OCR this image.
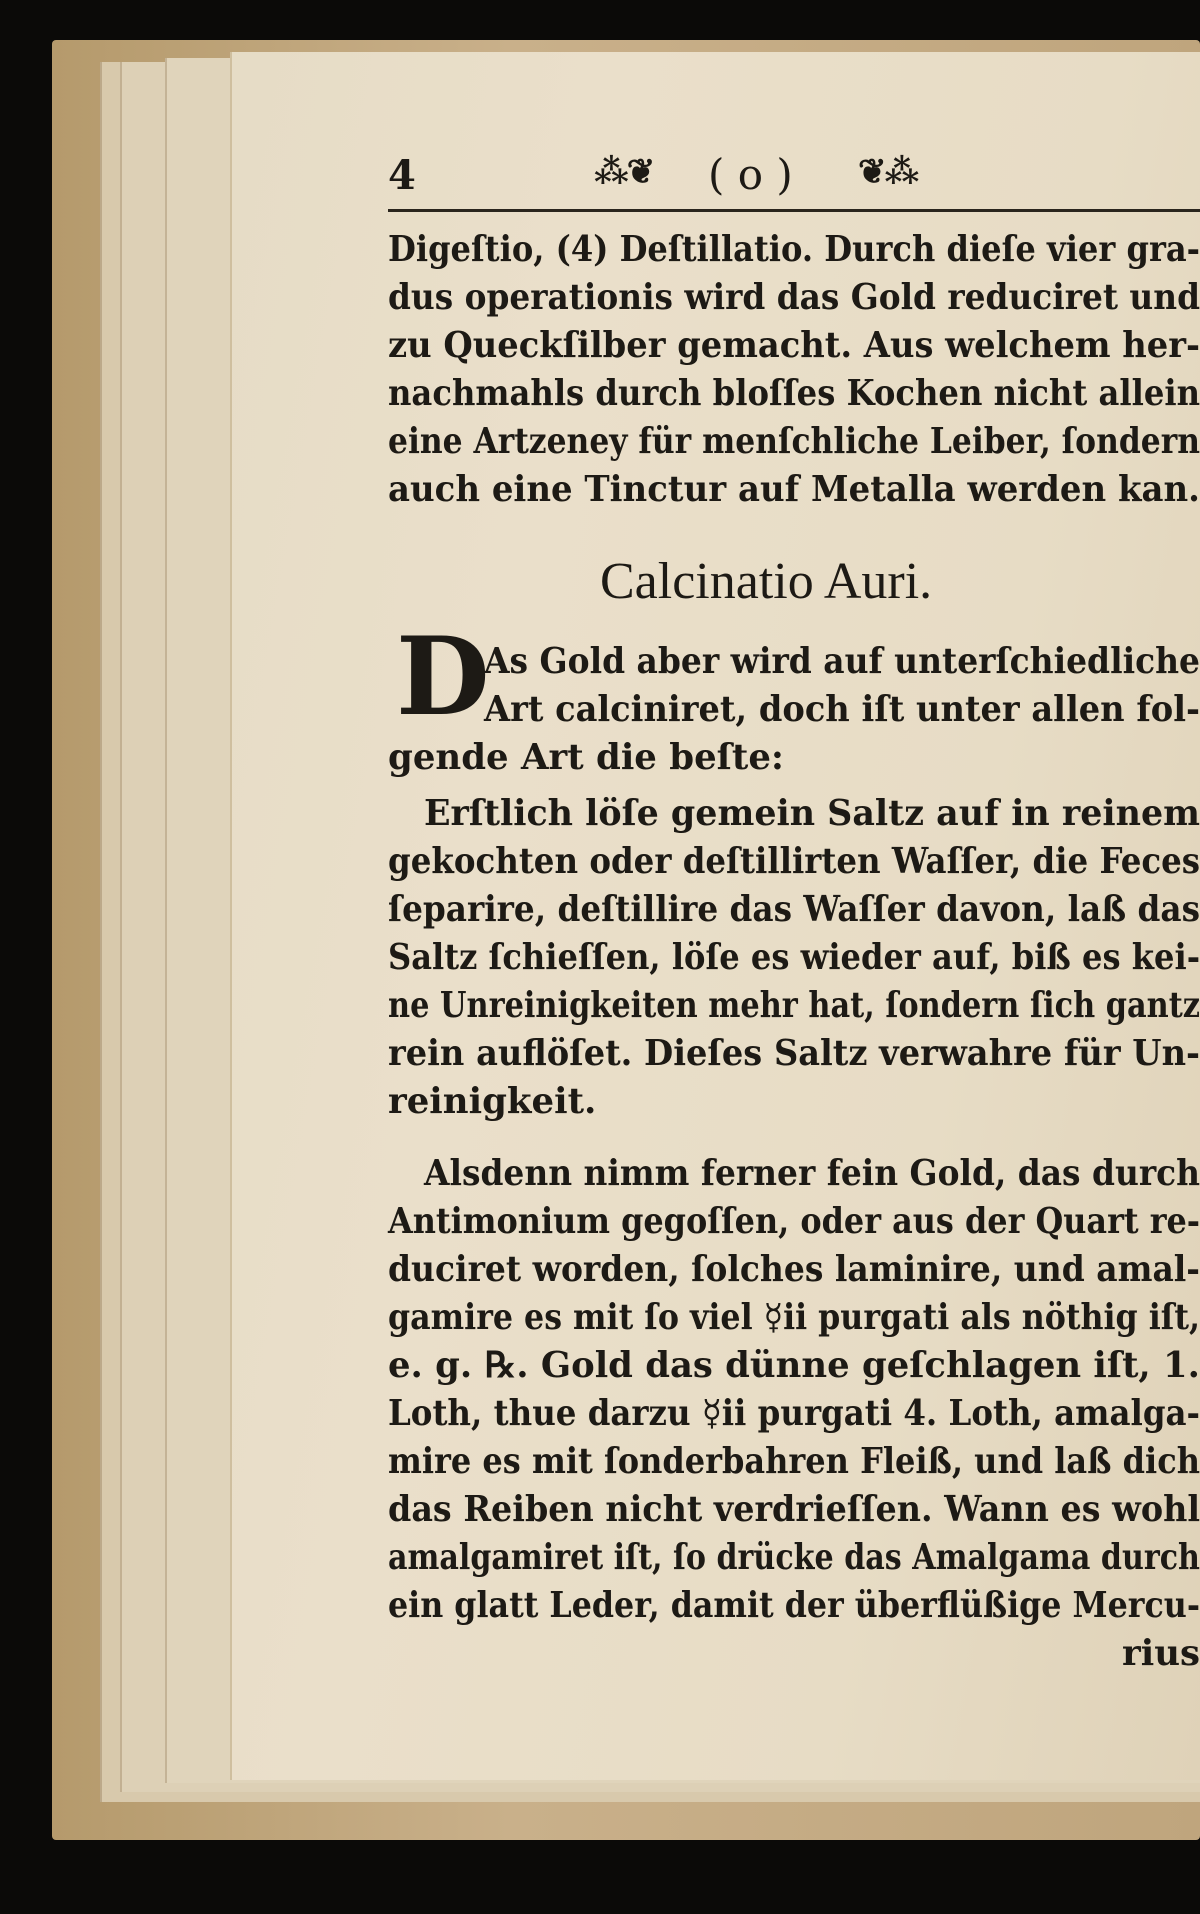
4	⁂❦ ( o ) ❦⁂
Digeſtio, (4) Deſtillatio. Durch dieſe vier gra-
dus operationis wird das Gold reduciret und
zu Queckſilber gemacht. Aus welchem her-
nachmahls durch bloſſes Kochen nicht allein
eine Artzeney für menſchliche Leiber, ſondern
auch eine Tinctur auf Metalla werden kan.
Calcinatio Auri.
D
As Gold aber wird auf unterſchiedliche
Art calciniret, doch iſt unter allen fol-
gende Art die beſte:
Erſtlich löſe gemein Saltz auf in reinem
gekochten oder deſtillirten Waſſer, die Feces
ſeparire, deſtillire das Waſſer davon, laß das
Saltz ſchieſſen, löſe es wieder auf, biß es kei-
ne Unreinigkeiten mehr hat, ſondern ſich gantz
rein auflöſet. Dieſes Saltz verwahre für Un-
reinigkeit.
Alsdenn nimm ferner fein Gold, das durch
Antimonium gegoſſen, oder aus der Quart re-
duciret worden, ſolches laminire, und amal-
gamire es mit ſo viel ☿ii purgati als nöthig iſt,
e. g. ℞. Gold das dünne geſchlagen iſt, 1.
Loth, thue darzu ☿ii purgati 4. Loth, amalga-
mire es mit ſonderbahren Fleiß, und laß dich
das Reiben nicht verdrieſſen. Wann es wohl
amalgamiret iſt, ſo drücke das Amalgama durch
ein glatt Leder, damit der überflüßige Mercu-
rius
